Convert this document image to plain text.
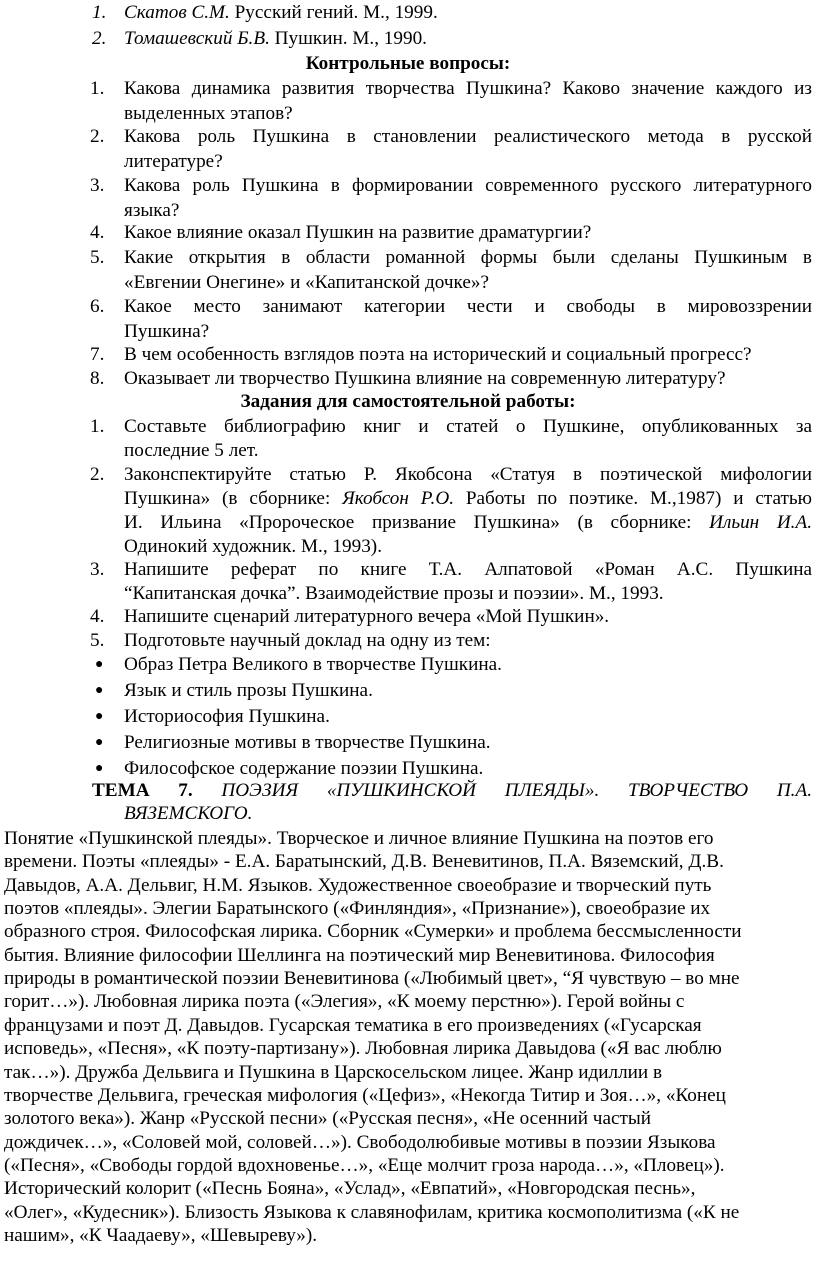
1. Скатов С.М. Русский гений. М., 1999.
2. Томашевский Б.В. Пушкин. М., 1990.
Контрольные вопросы:
1. Какова динамика развития творчества Пушкина? Каково значение каждого из
выделенных этапов?
2. Какова роль Пушкина в становлении реалистического метода в русской
литературе?
3. Какова роль Пушкина в формировании современного русского литературного
языка?
4. Какое влияние оказал Пушкин на развитие драматургии?
5. Какие открытия в области романной формы были сделаны Пушкиным в
«Евгении Онегине» и «Капитанской дочке»?
6. Какое место занимают категории чести и свободы в мировоззрении
Пушкина?
7. В чем особенность взглядов поэта на исторический и социальный прогресс?
8. Оказывает ли творчество Пушкина влияние на современную литературу?
Задания для самостоятельной работы:
1. Составьте библиографию книг и статей о Пушкине, опубликованных за
последние 5 лет.
2. Законспектируйте статью Р. Якобсона «Статуя в поэтической мифологии
Пушкина» (в сборнике: Якобсон Р.О. Работы по поэтике. М.,1987) и статью
И. Ильина «Пророческое призвание Пушкина» (в сборнике: Ильин И.А.
Одинокий художник. М., 1993).
3. Напишите реферат по книге Т.А. Алпатовой «Роман А.С. Пушкина
“Капитанская дочка”. Взаимодействие прозы и поэзии». М., 1993.
4. Напишите сценарий литературного вечера «Мой Пушкин».
5. Подготовьте научный доклад на одну из тем:
● Образ Петра Великого в творчестве Пушкина.
● Язык и стиль прозы Пушкина.
● Историософия Пушкина.
● Религиозные мотивы в творчестве Пушкина.
● Философское содержание поэзии Пушкина.
ТЕМА 7. ПОЭЗИЯ «ПУШКИНСКОЙ ПЛЕЯДЫ». ТВОРЧЕСТВО П.А.
ВЯЗЕМСКОГО.
Понятие «Пушкинской плеяды». Творческое и личное влияние Пушкина на поэтов его
времени. Поэты «плеяды» - Е.А. Баратынский, Д.В. Веневитинов, П.А. Вяземский, Д.В.
Давыдов, А.А. Дельвиг, Н.М. Языков. Художественное своеобразие и творческий путь
поэтов «плеяды». Элегии Баратынского («Финляндия», «Признание»), своеобразие их
образного строя. Философская лирика. Сборник «Сумерки» и проблема бессмысленности
бытия. Влияние философии Шеллинга на поэтический мир Веневитинова. Философия
природы в романтической поэзии Веневитинова («Любимый цвет», “Я чувствую – во мне
горит…»). Любовная лирика поэта («Элегия», «К моему перстню»). Герой войны с
французами и поэт Д. Давыдов. Гусарская тематика в его произведениях («Гусарская
исповедь», «Песня», «К поэту-партизану»). Любовная лирика Давыдова («Я вас люблю
так…»). Дружба Дельвига и Пушкина в Царскосельском лицее. Жанр идиллии в
творчестве Дельвига, греческая мифология («Цефиз», «Некогда Титир и Зоя…», «Конец
золотого века»). Жанр «Русской песни» («Русская песня», «Не осенний частый
дождичек…», «Соловей мой, соловей…»). Свободолюбивые мотивы в поэзии Языкова
(«Песня», «Свободы гордой вдохновенье…», «Еще молчит гроза народа…», «Пловец»).
Исторический колорит («Песнь Бояна», «Услад», «Евпатий», «Новгородская песнь»,
«Олег», «Кудесник»). Близость Языкова к славянофилам, критика космополитизма («К не
нашим», «К Чаадаеву», «Шевыреву»).
